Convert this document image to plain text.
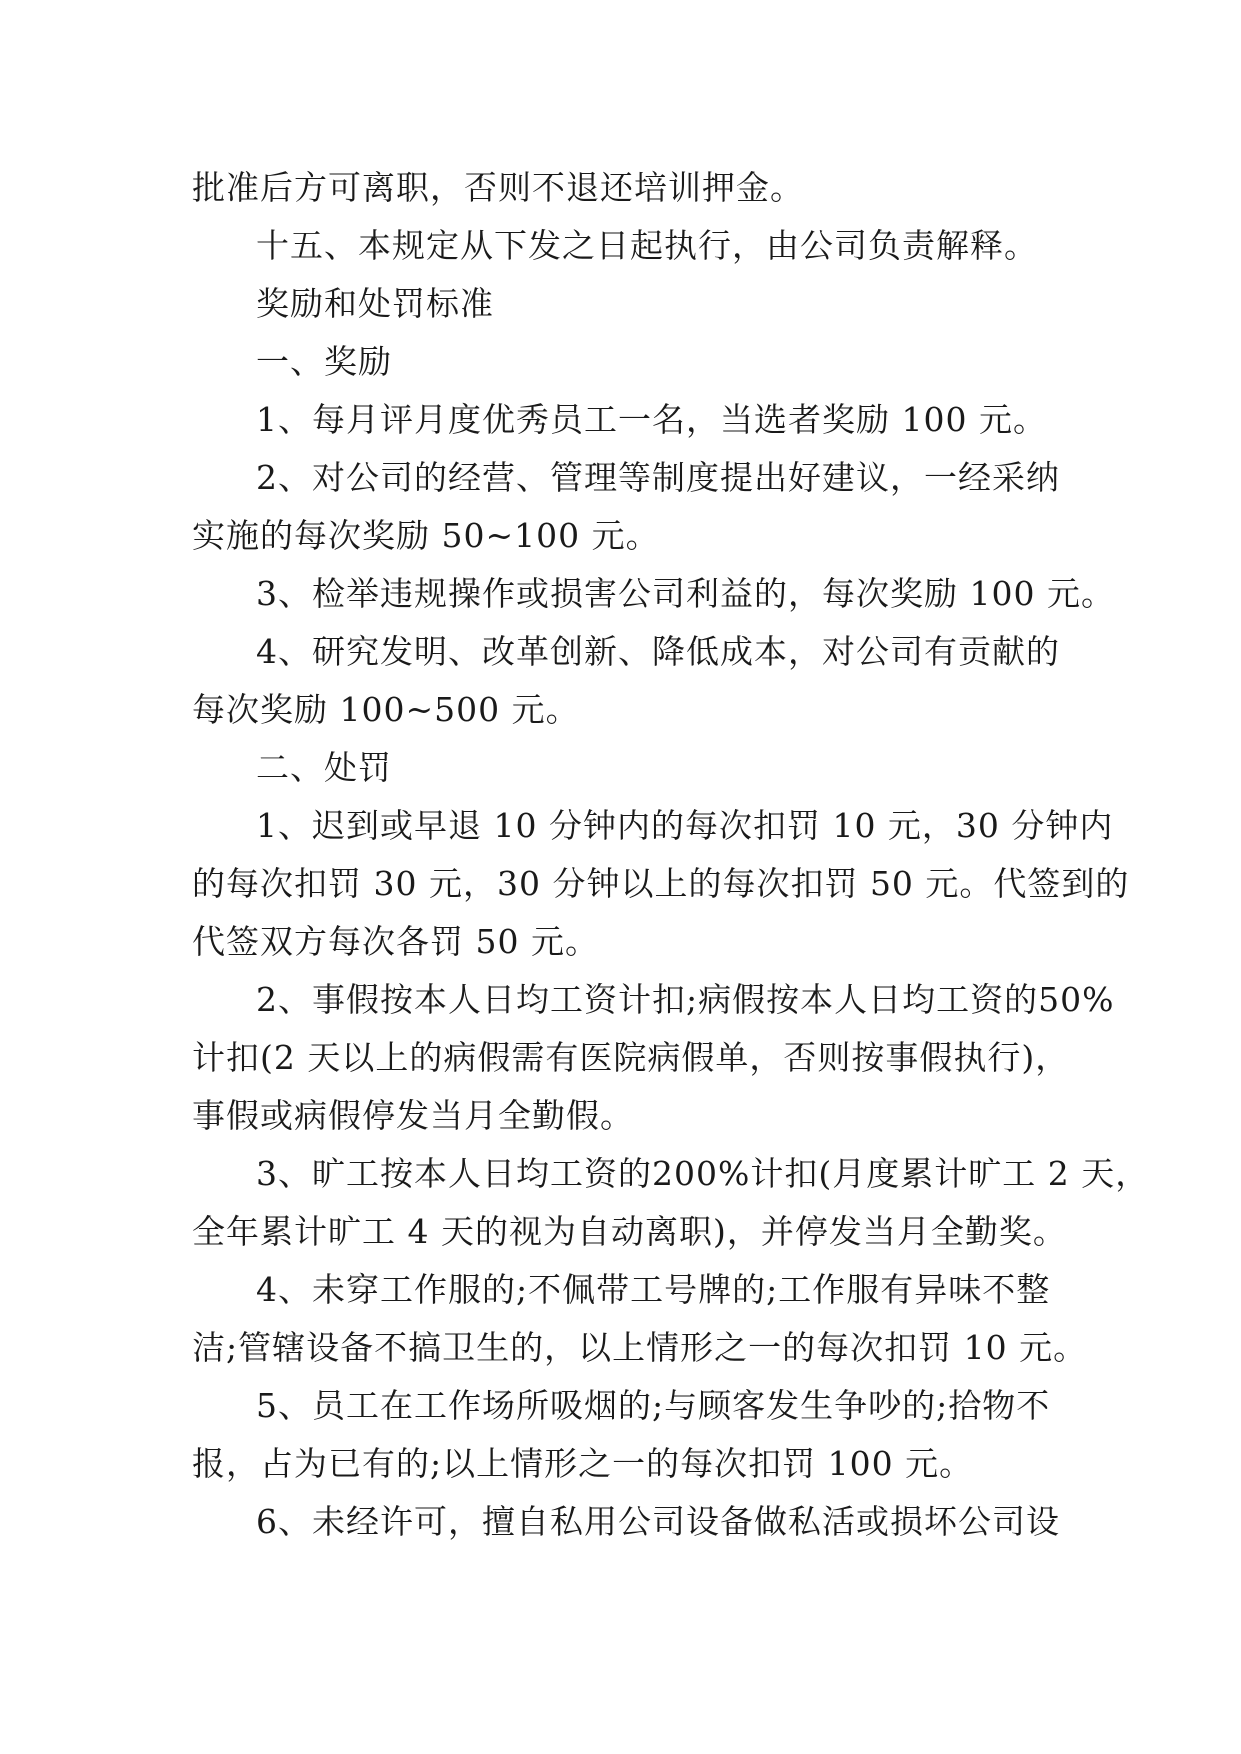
批准后方可离职，否则不退还培训押金。

十五、本规定从下发之日起执行，由公司负责解释。

奖励和处罚标准

一、奖励

1、每月评月度优秀员工一名，当选者奖励 100 元。

2、对公司的经营、管理等制度提出好建议，一经采纳

实施的每次奖励 50~100 元。

3、检举违规操作或损害公司利益的，每次奖励 100 元。

4、研究发明、改革创新、降低成本，对公司有贡献的

每次奖励 100~500 元。

二、处罚

1、迟到或早退 10 分钟内的每次扣罚 10 元，30 分钟内

的每次扣罚 30 元，30 分钟以上的每次扣罚 50 元。代签到的

代签双方每次各罚 50 元。

2、事假按本人日均工资计扣;病假按本人日均工资的50%

计扣(2 天以上的病假需有医院病假单，否则按事假执行)，

事假或病假停发当月全勤假。

3、旷工按本人日均工资的200%计扣(月度累计旷工 2 天，

全年累计旷工 4 天的视为自动离职)，并停发当月全勤奖。

4、未穿工作服的;不佩带工号牌的;工作服有异味不整

洁;管辖设备不搞卫生的，以上情形之一的每次扣罚 10 元。

5、员工在工作场所吸烟的;与顾客发生争吵的;拾物不

报，占为已有的;以上情形之一的每次扣罚 100 元。

6、未经许可，擅自私用公司设备做私活或损坏公司设
